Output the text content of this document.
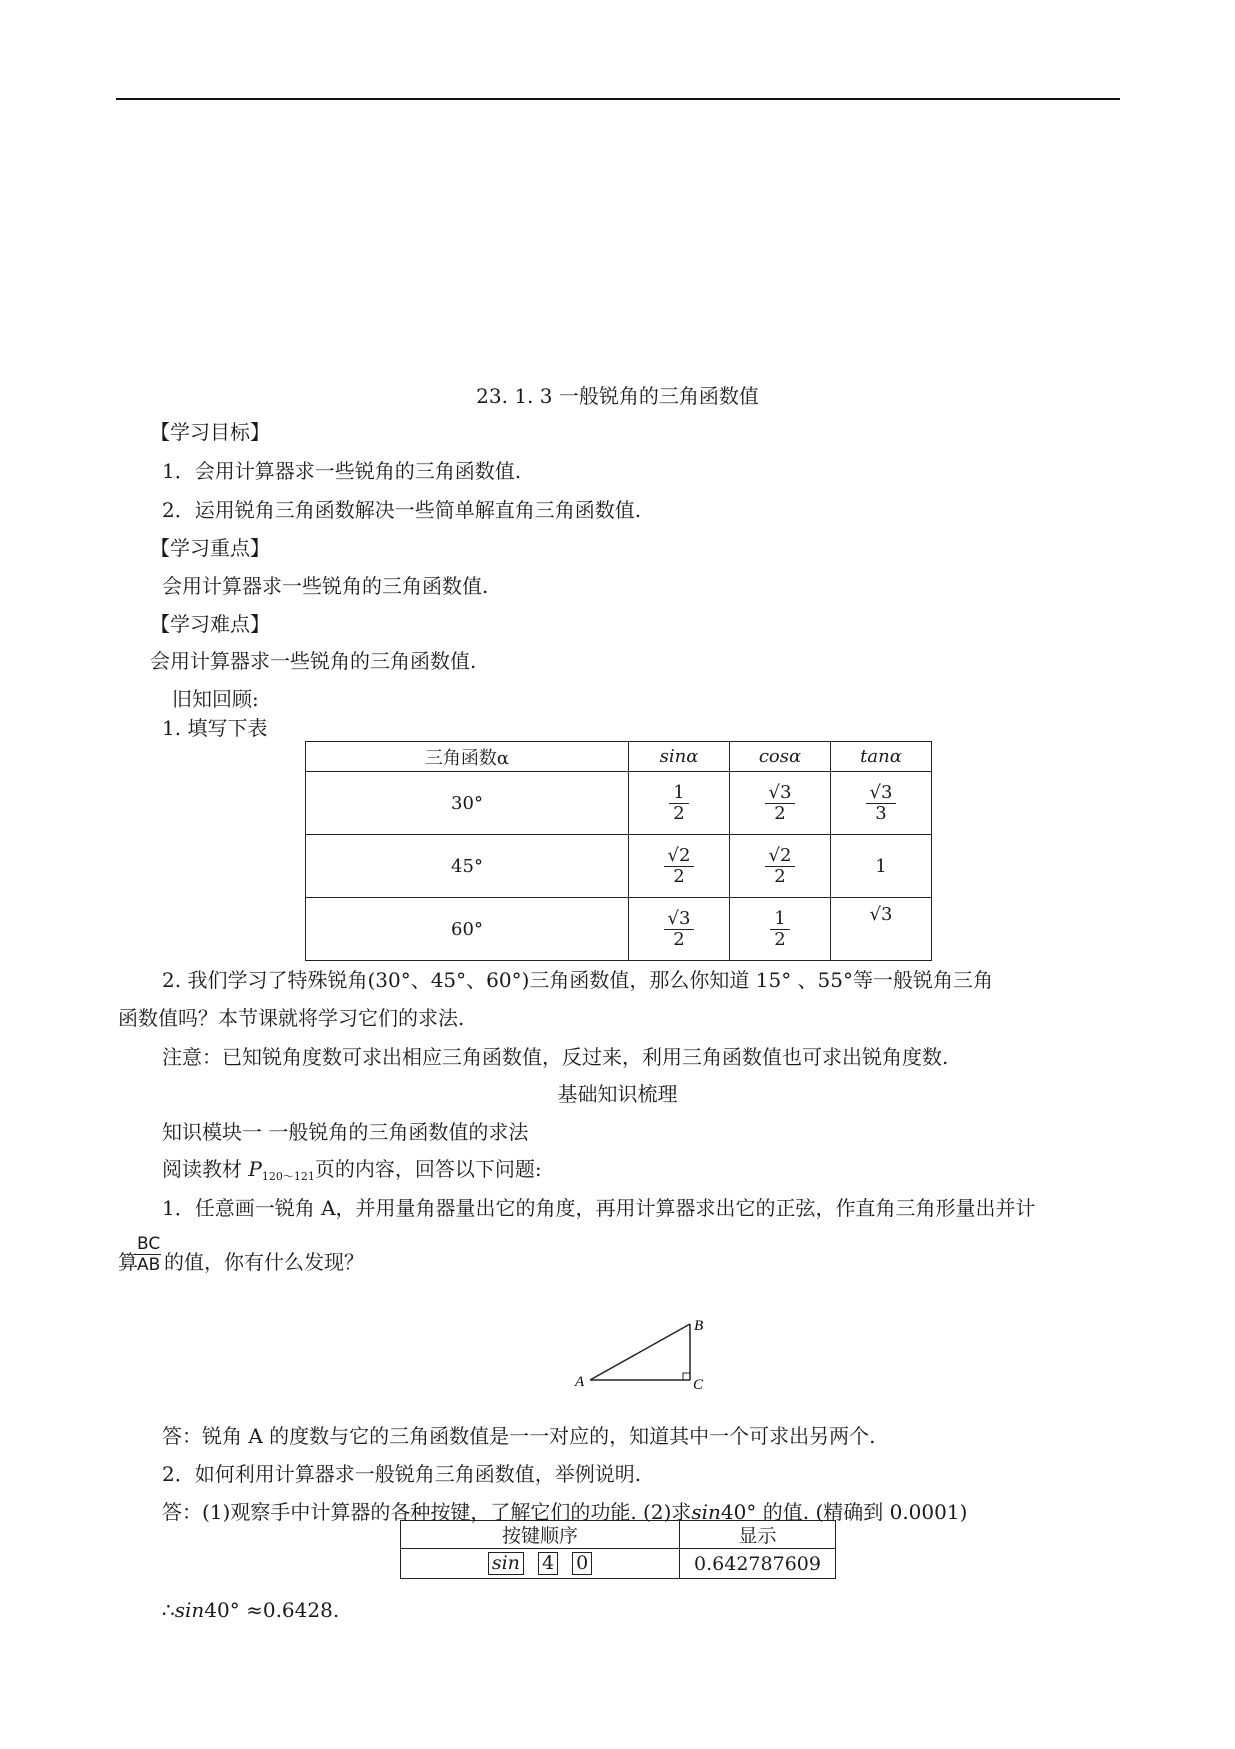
23. 1. 3 一般锐角的三角函数值
【学习目标】
1．会用计算器求一些锐角的三角函数值.
2．运用锐角三角函数解决一些简单解直角三角函数值.
【学习重点】
会用计算器求一些锐角的三角函数值.
【学习难点】
会用计算器求一些锐角的三角函数值.
旧知回顾:
1. 填写下表
三角函数α	sinα	cosα	tanα
30°	$\frac{1}{2}$	$\frac{√3}{2}$	$\frac{√3}{3}$

45°	$\frac{√2}{2}$	$\frac{√2}{2}$	1
60°	$\frac{√3}{2}$	$\frac{1}{2}$	√3
2. 我们学习了特殊锐角(30°、45°、60°)三角函数值，那么你知道 15° 、55°等一般锐角三角
函数值吗？本节课就将学习它们的求法.
注意：已知锐角度数可求出相应三角函数值，反过来，利用三角函数值也可求出锐角度数.
基础知识梳理
知识模块一 一般锐角的三角函数值的求法
阅读教材 $P_{120\sim 121}$页的内容，回答以下问题:
1．任意画一锐角 A，并用量角器量出它的角度，再用计算器求出它的正弦，作直角三角形量出并计
算
$\frac{BC}{AB}$ 的值，你有什么发现？
A
B
C
答：锐角 A 的度数与它的三角函数值是一一对应的，知道其中一个可求出另两个.
2．如何利用计算器求一般锐角三角函数值，举例说明.
答：(1)观察手中计算器的各种按键，了解它们的功能. (2)求sin40° 的值. (精确到 0.0001)
按键顺序	显示
sin 4 0	0.642787609
∴sin40° ≈0.6428.
